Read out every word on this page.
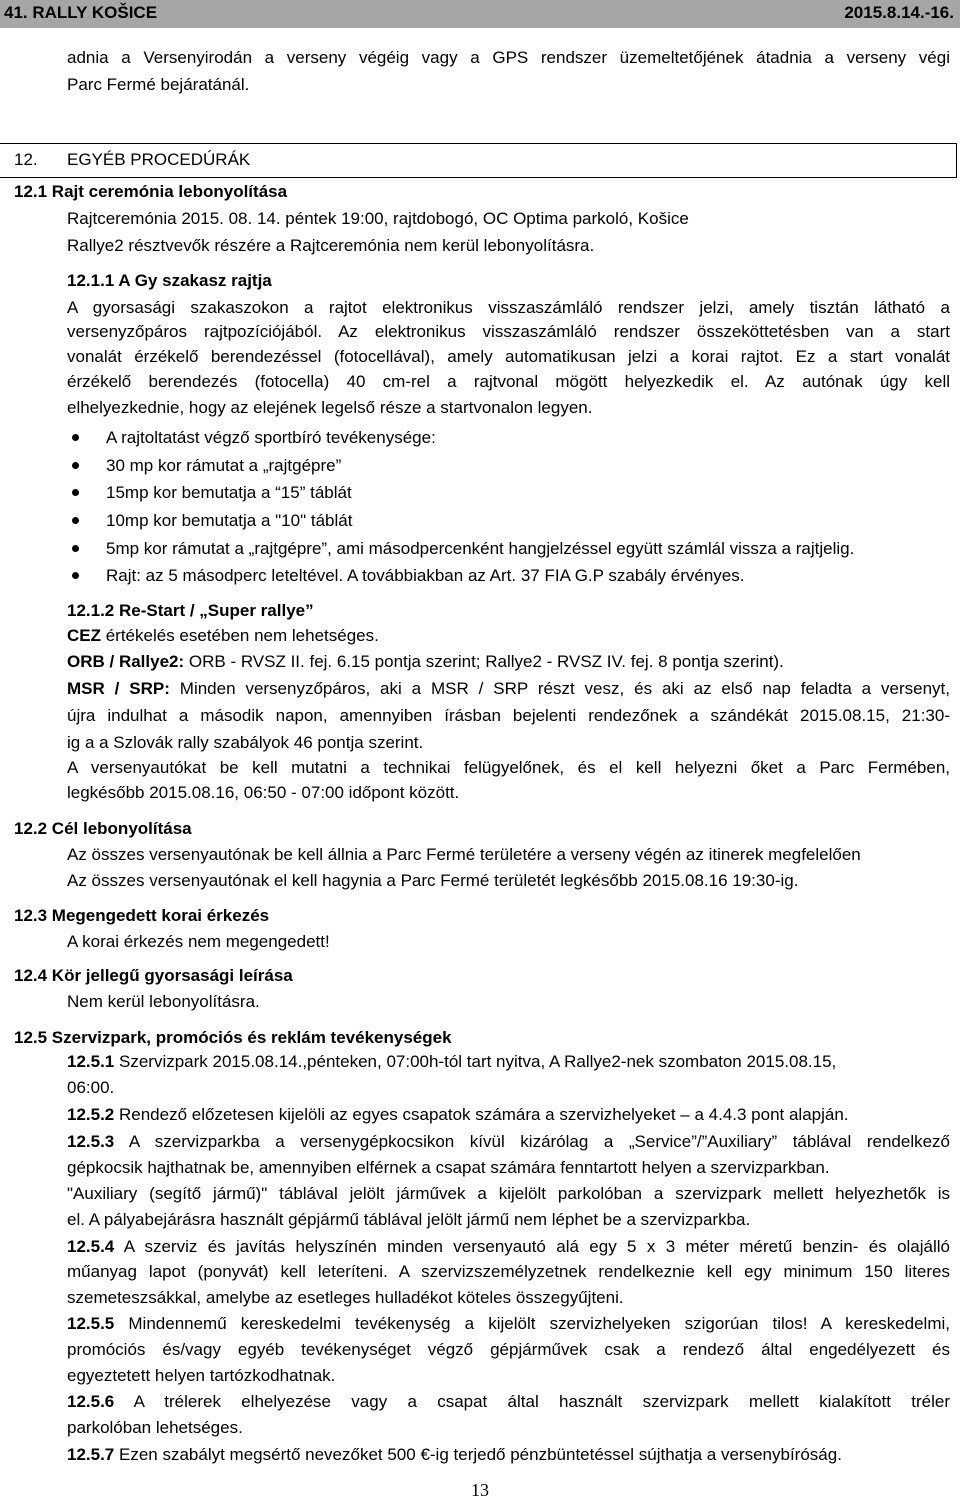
41. RALLY KOŠICE	2015.8.14.-16.
adnia a Versenyirodán a verseny végéig vagy a GPS rendszer üzemeltetőjének átadnia a verseny végi
Parc Fermé bejáratánál.
12. EGYÉB PROCEDÚRÁK
12.1 Rajt ceremónia lebonyolítása
Rajtceremónia 2015. 08. 14. péntek 19:00, rajtdobogó, OC Optima parkoló, Košice
Rallye2 résztvevők részére a Rajtceremónia nem kerül lebonyolításra.
12.1.1 A Gy szakasz rajtja
A gyorsasági szakaszokon a rajtot elektronikus visszaszámláló rendszer jelzi, amely tisztán látható a
versenyzőpáros rajtpozíciójából. Az elektronikus visszaszámláló rendszer összeköttetésben van a start
vonalát érzékelő berendezéssel (fotocellával), amely automatikusan jelzi a korai rajtot. Ez a start vonalát
érzékelő berendezés (fotocella) 40 cm-rel a rajtvonal mögött helyezkedik el. Az autónak úgy kell
elhelyezkednie, hogy az elejének legelső része a startvonalon legyen.
A rajtoltatást végző sportbíró tevékenysége:
30 mp kor rámutat a „rajtgépre”
15mp kor bemutatja a “15” táblát
10mp kor bemutatja a "10" táblát
5mp kor rámutat a „rajtgépre”, ami másodpercenként hangjelzéssel együtt számlál vissza a rajtjelig.
Rajt: az 5 másodperc leteltével. A továbbiakban az Art. 37 FIA G.P szabály érvényes.
12.1.2 Re-Start / „Super rallye”
CEZ értékelés esetében nem lehetséges.
ORB / Rallye2: ORB - RVSZ II. fej. 6.15 pontja szerint; Rallye2 - RVSZ IV. fej. 8 pontja szerint).
MSR / SRP: Minden versenyzőpáros, aki a MSR / SRP részt vesz, és aki az első nap feladta a versenyt,
újra indulhat a második napon, amennyiben írásban bejelenti rendezőnek a szándékát 2015.08.15, 21:30-
ig a a Szlovák rally szabályok 46 pontja szerint.
A versenyautókat be kell mutatni a technikai felügyelőnek, és el kell helyezni őket a Parc Fermében,
legkésőbb 2015.08.16, 06:50 - 07:00 időpont között.
12.2 Cél lebonyolítása
Az összes versenyautónak be kell állnia a Parc Fermé területére a verseny végén az itinerek megfelelően
Az összes versenyautónak el kell hagynia a Parc Fermé területét legkésőbb 2015.08.16 19:30-ig.
12.3 Megengedett korai érkezés
A korai érkezés nem megengedett!
12.4 Kör jellegű gyorsasági leírása
Nem kerül lebonyolításra.
12.5 Szervizpark, promóciós és reklám tevékenységek
12.5.1 Szervizpark 2015.08.14.,pénteken, 07:00h-tól tart nyitva, A Rallye2-nek szombaton 2015.08.15,
06:00.
12.5.2 Rendező előzetesen kijelöli az egyes csapatok számára a szervizhelyeket – a 4.4.3 pont alapján.
12.5.3 A szervizparkba a versenygépkocsikon kívül kizárólag a „Service”/”Auxiliary” táblával rendelkező
gépkocsik hajthatnak be, amennyiben elférnek a csapat számára fenntartott helyen a szervizparkban.
"Auxiliary (segítő jármű)" táblával jelölt járművek a kijelölt parkolóban a szervizpark mellett helyezhetők is
el. A pályabejárásra használt gépjármű táblával jelölt jármű nem léphet be a szervizparkba.
12.5.4 A szerviz és javítás helyszínén minden versenyautó alá egy 5 x 3 méter méretű benzin- és olajálló
műanyag lapot (ponyvát) kell leteríteni. A szervizszemélyzetnek rendelkeznie kell egy minimum 150 literes
szemeteszsákkal, amelybe az esetleges hulladékot köteles összegyűjteni.
12.5.5 Mindennemű kereskedelmi tevékenység a kijelölt szervizhelyeken szigorúan tilos! A kereskedelmi,
promóciós és/vagy egyéb tevékenységet végző gépjárművek csak a rendező által engedélyezett és
egyeztetett helyen tartózkodhatnak.
12.5.6 A trélerek elhelyezése vagy a csapat által használt szervizpark mellett kialakított tréler
parkolóban lehetséges.
12.5.7 Ezen szabályt megsértő nevezőket 500 €-ig terjedő pénzbüntetéssel sújthatja a versenybíróság.
13
